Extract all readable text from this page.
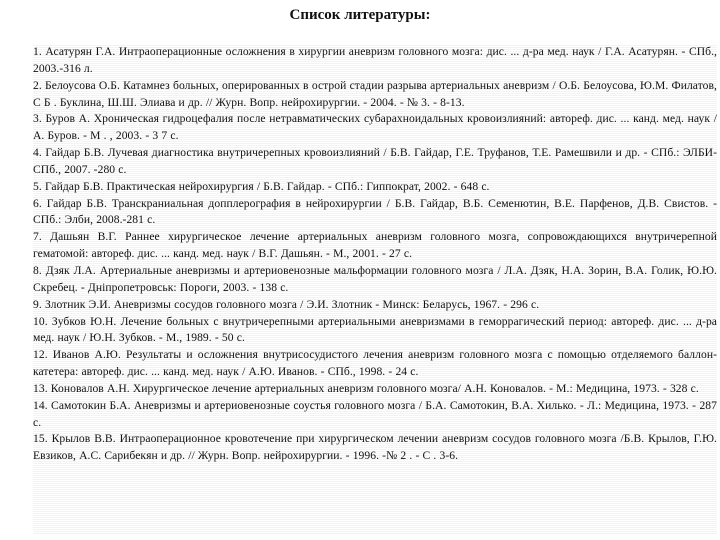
Список литературы:
1. Асатурян Г.А. Интраоперационные осложнения в хирургии аневризм головного мозга: дис. ... д-ра мед. наук / Г.А. Асатурян. - СПб., 2003.-316 л.
2. Белоусова О.Б. Катамнез больных, оперированных в острой стадии разрыва артериальных аневризм / О.Б. Белоусова, Ю.М. Филатов, С Б . Буклина, Ш.Ш. Элиава и др. // Журн. Вопр. нейрохирургии. - 2004. - № 3. - 8-13.
3. Буров А. Хроническая гидроцефалия после нетравматических субарахноидальных кровоизлияний: автореф. дис. ... канд. мед. наук / А. Буров. - М . , 2003. - 3 7 с.
4. Гайдар Б.В. Лучевая диагностика внутричерепных кровоизлияний / Б.В. Гайдар, Г.Е. Труфанов, Т.Е. Рамешвили и др. - СПб.: ЭЛБИ-СПб., 2007. -280 с.
5. Гайдар Б.В. Практическая нейрохирургия / Б.В. Гайдар. - СПб.: Гиппократ, 2002. - 648 с.
6. Гайдар Б.В. Транскраниальная допплерография в нейрохирургии / Б.В. Гайдар, В.Б. Семенютин, В.Е. Парфенов, Д.В. Свистов. - СПб.: Элби, 2008.-281 с.
7. Дашьян В.Г. Раннее хирургическое лечение артериальных аневризм головного мозга, сопровождающихся внутричерепной гематомой: автореф. дис. ... канд. мед. наук / В.Г. Дашьян. - М., 2001. - 27 с.
8. Дзяк Л.А. Артериальные аневризмы и артериовенозные мальформации головного мозга / Л.А. Дзяк, Н.А. Зорин, В.А. Голик, Ю.Ю. Скребец. - Днiпропетровськ: Пороги, 2003. - 138 с.
9. Злотник Э.И. Аневризмы сосудов головного мозга / Э.И. Злотник - Минск: Беларусь, 1967. - 296 с.
10. Зубков Ю.Н. Лечение больных с внутричерепными артериальными аневризмами в геморрагический период: автореф. дис. ... д-ра мед. наук / Ю.Н. Зубков. - М., 1989. - 50 с.
12. Иванов А.Ю. Результаты и осложнения внутрисосудистого лечения аневризм головного мозга с помощью отделяемого баллон-катетера: автореф. дис. ... канд. мед. наук / А.Ю. Иванов. - СПб., 1998. - 24 с.
13. Коновалов А.Н. Хирургическое лечение артериальных аневризм головного мозга/ А.Н. Коновалов. - М.: Медицина, 1973. - 328 с.
14. Самотокин Б.А. Аневризмы и артериовенозные соустья головного мозга / Б.А. Самотокин, В.А. Хилько. - Л.: Медицина, 1973. - 287 с.
15. Крылов В.В. Интраоперационное кровотечение при хирургическом лечении аневризм сосудов головного мозга /Б.В. Крылов, Г.Ю. Евзиков, А.С. Сарибекян и др. // Журн. Вопр. нейрохирургии. - 1996. -№ 2 . - С . 3-6.
